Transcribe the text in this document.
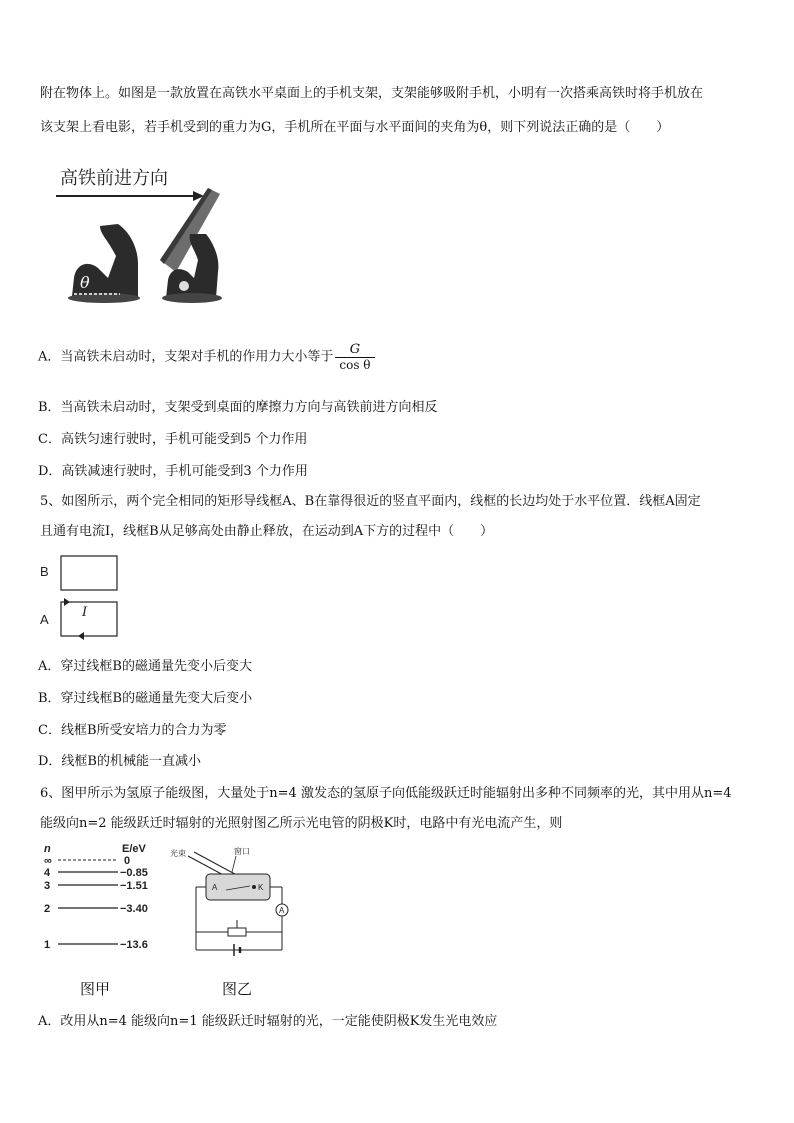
附在物体上。如图是一款放置在高铁水平桌面上的手机支架，支架能够吸附手机，小明有一次搭乘高铁时将手机放在
该支架上看电影，若手机受到的重力为G，手机所在平面与水平面间的夹角为θ，则下列说法正确的是（　　）
高铁前进方向
θ
A．当高铁未启动时，支架对手机的作用力大小等于 $\frac{G}{\text{cos θ}}$
B．当高铁未启动时，支架受到桌面的摩擦力方向与高铁前进方向相反
C．高铁匀速行驶时，手机可能受到5 个力作用
D．高铁减速行驶时，手机可能受到3 个力作用
5、如图所示，两个完全相同的矩形导线框A、B在靠得很近的竖直平面内，线框的长边均处于水平位置．线框A固定
且通有电流I，线框B从足够高处由静止释放，在运动到A下方的过程中（　　）
B
A	I
A．穿过线框B的磁通量先变小后变大
B．穿过线框B的磁通量先变大后变小
C．线框B所受安培力的合力为零
D．线框B的机械能一直减小
6、图甲所示为氢原子能级图，大量处于n=4 激发态的氢原子向低能级跃迁时能辐射出多种不同频率的光，其中用从n=4
能级向n=2 能级跃迁时辐射的光照射图乙所示光电管的阴极K时，电路中有光电流产生，则
n	E/eV
∞	0
4	−0.85
3	−1.51
2	−3.40
1	−13.6
光束	窗口
A	K
A
图甲	图乙
A．改用从n=4 能级向n=1 能级跃迁时辐射的光，一定能使阴极K发生光电效应
